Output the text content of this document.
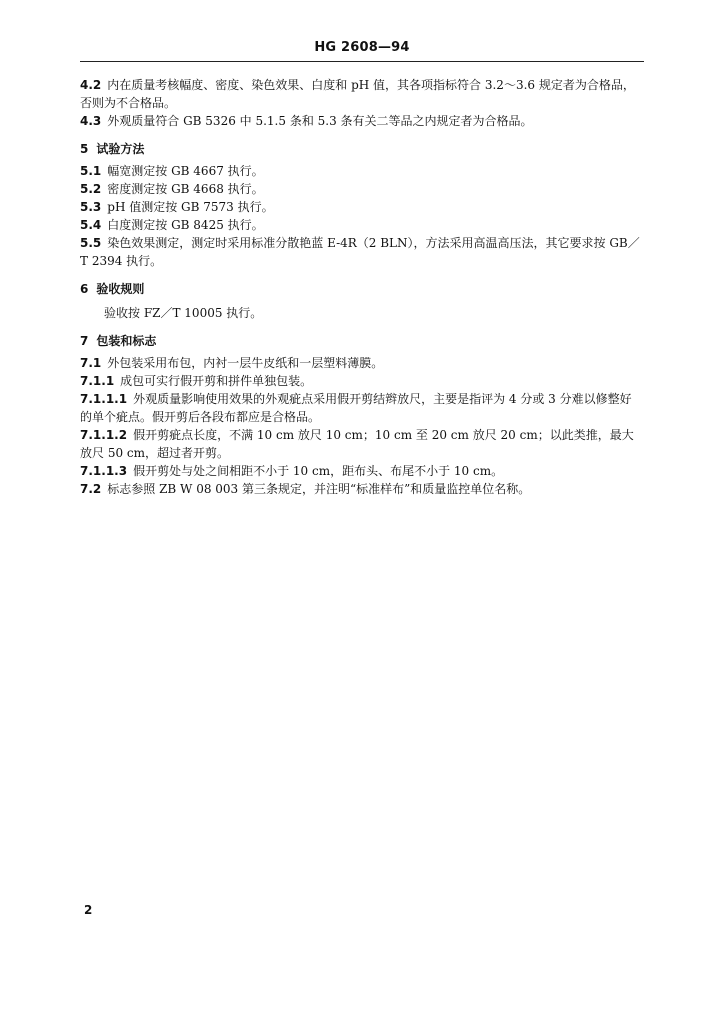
HG 2608—94

4.2 内在质量考核幅度、密度、染色效果、白度和 pH 值，其各项指标符合 3.2～3.6 规定者为合格品，否则为不合格品。

4.3 外观质量符合 GB 5326 中 5.1.5 条和 5.3 条有关二等品之内规定者为合格品。

5 试验方法

5.1 幅宽测定按 GB 4667 执行。

5.2 密度测定按 GB 4668 执行。

5.3 pH 值测定按 GB 7573 执行。

5.4 白度测定按 GB 8425 执行。

5.5 染色效果测定，测定时采用标准分散艳蓝 E-4R（2 BLN），方法采用高温高压法，其它要求按 GB／T 2394 执行。

6 验收规则

验收按 FZ／T 10005 执行。

7 包装和标志

7.1 外包装采用布包，内衬一层牛皮纸和一层塑料薄膜。

7.1.1 成包可实行假开剪和拼件单独包装。

7.1.1.1 外观质量影响使用效果的外观疵点采用假开剪结辫放尺，主要是指评为 4 分或 3 分难以修整好的单个疵点。假开剪后各段布都应是合格品。

7.1.1.2 假开剪疵点长度，不满 10 cm 放尺 10 cm；10 cm 至 20 cm 放尺 20 cm；以此类推，最大放尺 50 cm，超过者开剪。

7.1.1.3 假开剪处与处之间相距不小于 10 cm，距布头、布尾不小于 10 cm。

7.2 标志参照 ZB W 08 003 第三条规定，并注明“标准样布”和质量监控单位名称。

2
